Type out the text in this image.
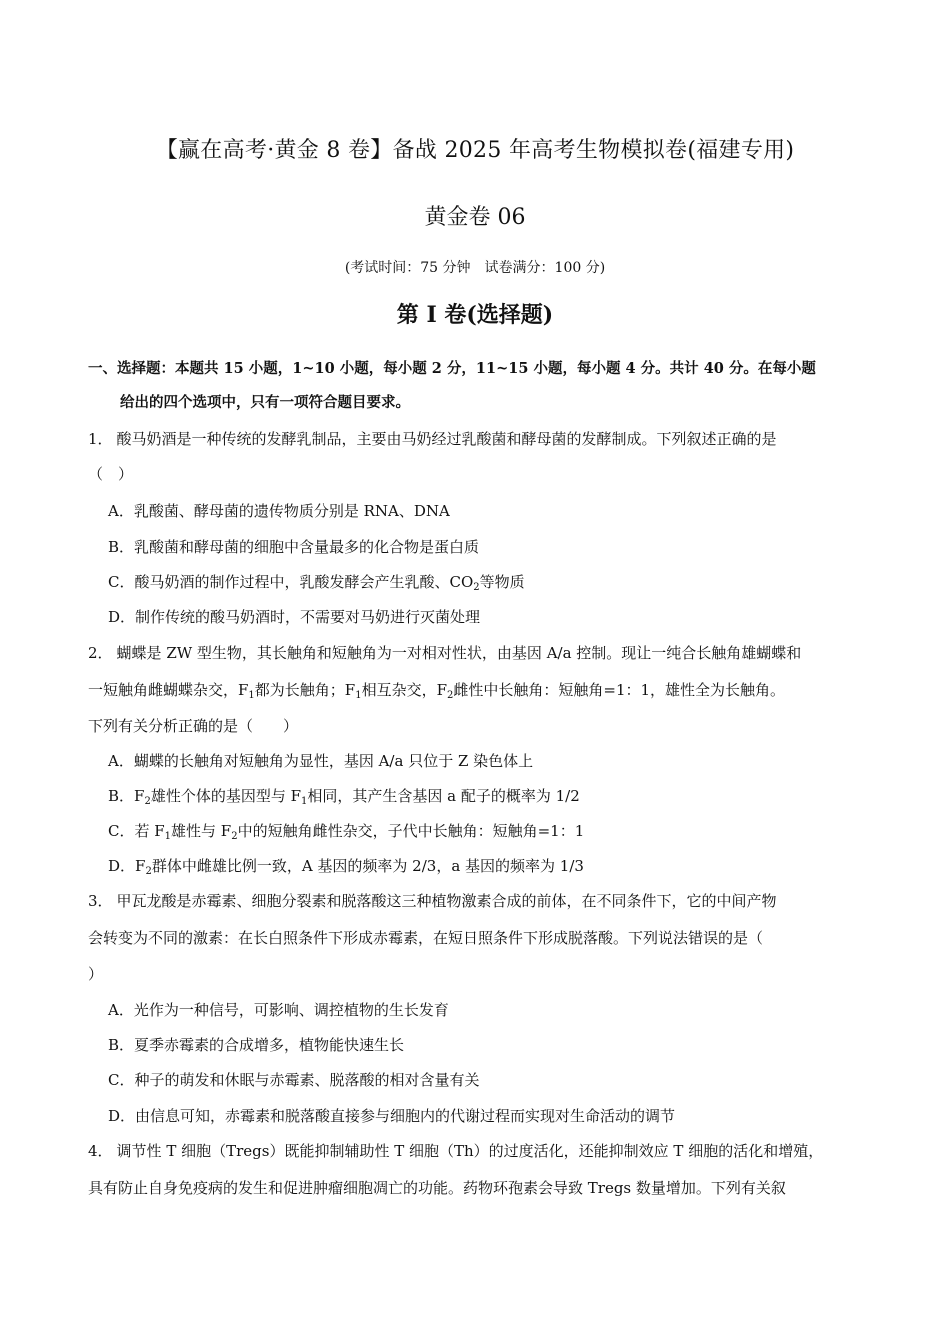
【赢在高考·黄金 8 卷】备战 2025 年高考生物模拟卷(福建专用)
黄金卷 06
(考试时间：75 分钟　试卷满分：100 分)
第 I 卷(选择题)
一、选择题：本题共 15 小题，1~10 小题，每小题 2 分，11~15 小题，每小题 4 分。共计 40 分。在每小题
给出的四个选项中，只有一项符合题目要求。
1． 酸马奶酒是一种传统的发酵乳制品，主要由马奶经过乳酸菌和酵母菌的发酵制成。下列叙述正确的是
（　）
A．乳酸菌、酵母菌的遗传物质分别是 RNA、DNA
B．乳酸菌和酵母菌的细胞中含量最多的化合物是蛋白质
C．酸马奶酒的制作过程中，乳酸发酵会产生乳酸、$CO_2$等物质
D．制作传统的酸马奶酒时，不需要对马奶进行灭菌处理
2． 蝴蝶是 ZW 型生物，其长触角和短触角为一对相对性状，由基因 A/a 控制。现让一纯合长触角雄蝴蝶和
一短触角雌蝴蝶杂交，$F_1$都为长触角；$F_1$相互杂交，$F_2$雌性中长触角：短触角=1：1，雄性全为长触角。
下列有关分析正确的是（　　）
A．蝴蝶的长触角对短触角为显性，基因 A/a 只位于 Z 染色体上
B．$F_2$雄性个体的基因型与 $F_1$相同，其产生含基因 a 配子的概率为 1/2
C．若 $F_1$雄性与 $F_2$中的短触角雌性杂交，子代中长触角：短触角=1：1
D．$F_2$群体中雌雄比例一致，A 基因的频率为 2/3，a 基因的频率为 1/3
3． 甲瓦龙酸是赤霉素、细胞分裂素和脱落酸这三种植物激素合成的前体，在不同条件下，它的中间产物
会转变为不同的激素：在长白照条件下形成赤霉素，在短日照条件下形成脱落酸。下列说法错误的是（
）
A．光作为一种信号，可影响、调控植物的生长发育
B．夏季赤霉素的合成增多，植物能快速生长
C．种子的萌发和休眠与赤霉素、脱落酸的相对含量有关
D．由信息可知，赤霉素和脱落酸直接参与细胞内的代谢过程而实现对生命活动的调节
4． 调节性 T 细胞（Tregs）既能抑制辅助性 T 细胞（Th）的过度活化，还能抑制效应 T 细胞的活化和增殖，
具有防止自身免疫病的发生和促进肿瘤细胞凋亡的功能。药物环孢素会导致 Tregs 数量增加。下列有关叙
